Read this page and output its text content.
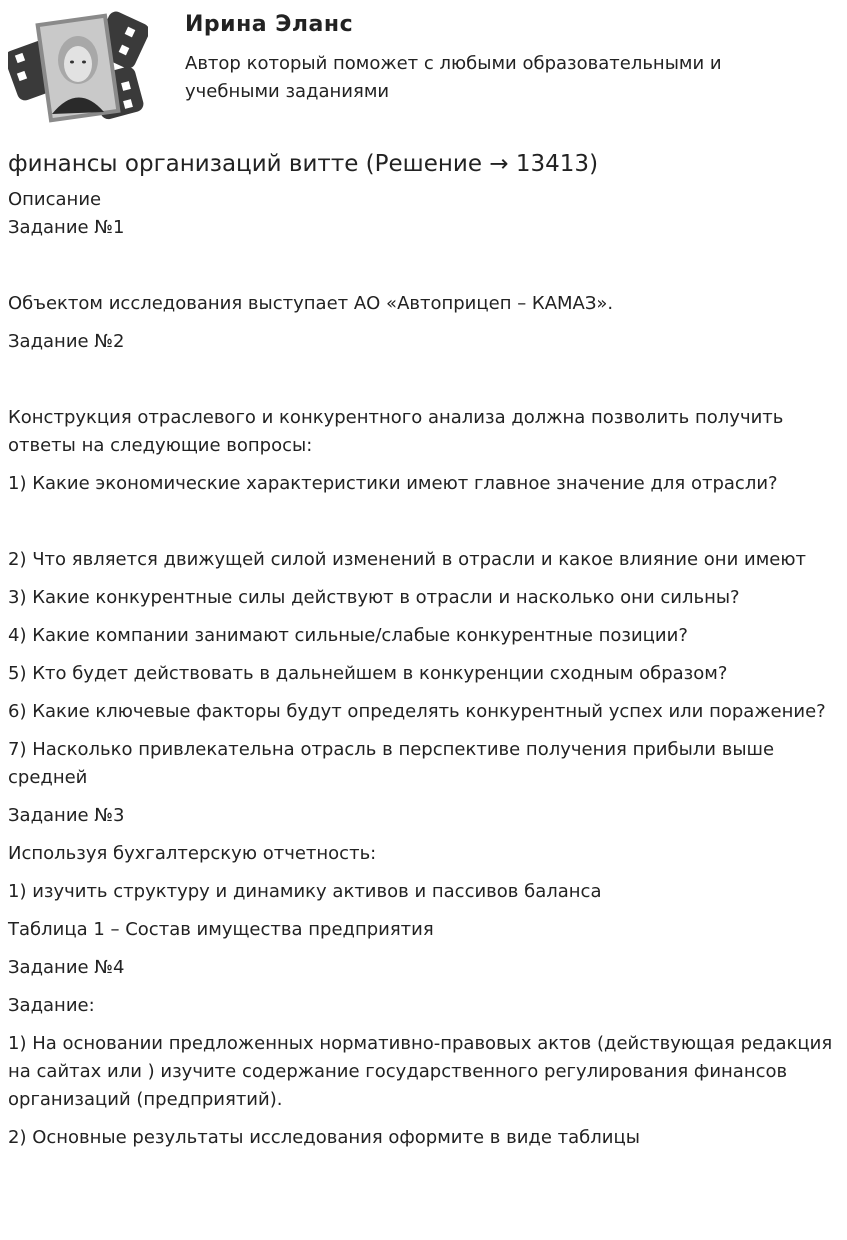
Ирина Эланс
Автор который поможет с любыми образовательными и учебными заданиями
финансы организаций витте (Решение → 13413)

Описание

Задание №1

Объектом исследования выступает АО «Автоприцеп – КАМАЗ».

Задание №2

Конструкция отраслевого и конкурентного анализа должна позволить получить ответы на следующие вопросы:

1) Какие экономические характеристики имеют главное значение для отрасли?

2) Что является движущей силой изменений в отрасли и какое влияние они имеют

3) Какие конкурентные силы действуют в отрасли и насколько они сильны?

4) Какие компании занимают сильные/слабые конкурентные позиции?

5) Кто будет действовать в дальнейшем в конкуренции сходным образом?

6) Какие ключевые факторы будут определять конкурентный успех или поражение?

7) Насколько привлекательна отрасль в перспективе получения прибыли выше средней

Задание №3

Используя бухгалтерскую отчетность:

1) изучить структуру и динамику активов и пассивов баланса

Таблица 1 – Состав имущества предприятия

Задание №4

Задание:

1) На основании предложенных нормативно-правовых актов (действующая редакция на сайтах или ) изучите содержание государственного регулирования финансов организаций (предприятий).

2) Основные результаты исследования оформите в виде таблицы
